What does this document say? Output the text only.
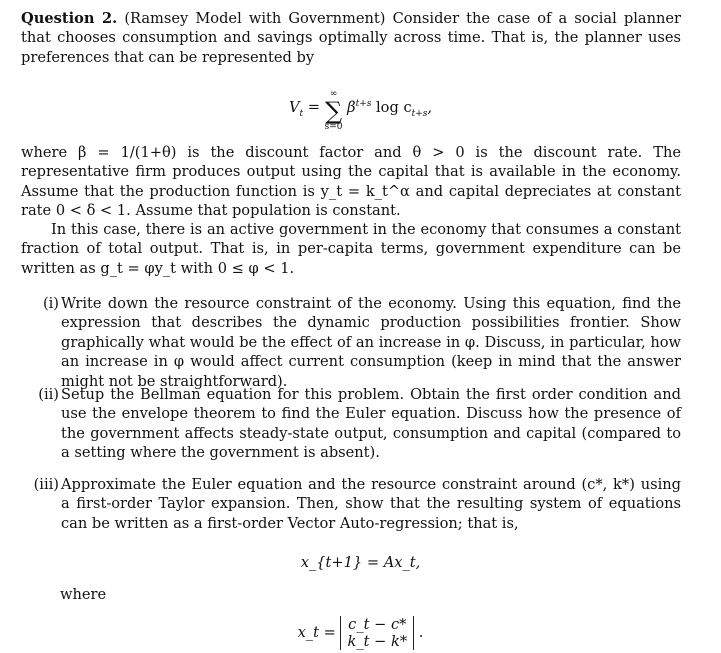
Question 2. (Ramsey Model with Government) Consider the case of a social planner that chooses consumption and savings optimally across time. That is, the planner uses preferences that can be represented by
$V_t$ =
∞
∑
s=0
$\beta^{t+s}$ $\log c_{t+s}$,
where β = 1/(1+θ) is the discount factor and θ > 0 is the discount rate. The representative firm produces output using the capital that is available in the economy. Assume that the production function is y_t = k_t^α and capital depreciates at constant rate 0 < δ < 1. Assume that population is constant.
In this case, there is an active government in the economy that consumes a constant fraction of total output. That is, in per-capita terms, government expenditure can be written as g_t = φy_t with 0 ≤ φ < 1.
(i) Write down the resource constraint of the economy. Using this equation, find the expression that describes the dynamic production possibilities frontier. Show graphically what would be the effect of an increase in φ. Discuss, in particular, how an increase in φ would affect current consumption (keep in mind that the answer might not be straightforward).
(ii) Setup the Bellman equation for this problem. Obtain the first order condition and use the envelope theorem to find the Euler equation. Discuss how the presence of the government affects steady-state output, consumption and capital (compared to a setting where the government is absent).
(iii) Approximate the Euler equation and the resource constraint around (c*, k*) using a first-order Taylor expansion. Then, show that the resulting system of equations can be written as a first-order Vector Auto-regression; that is,
x_{t+1} = Ax_t,
where
x_t = c_t − c*
k_t − k*
.
